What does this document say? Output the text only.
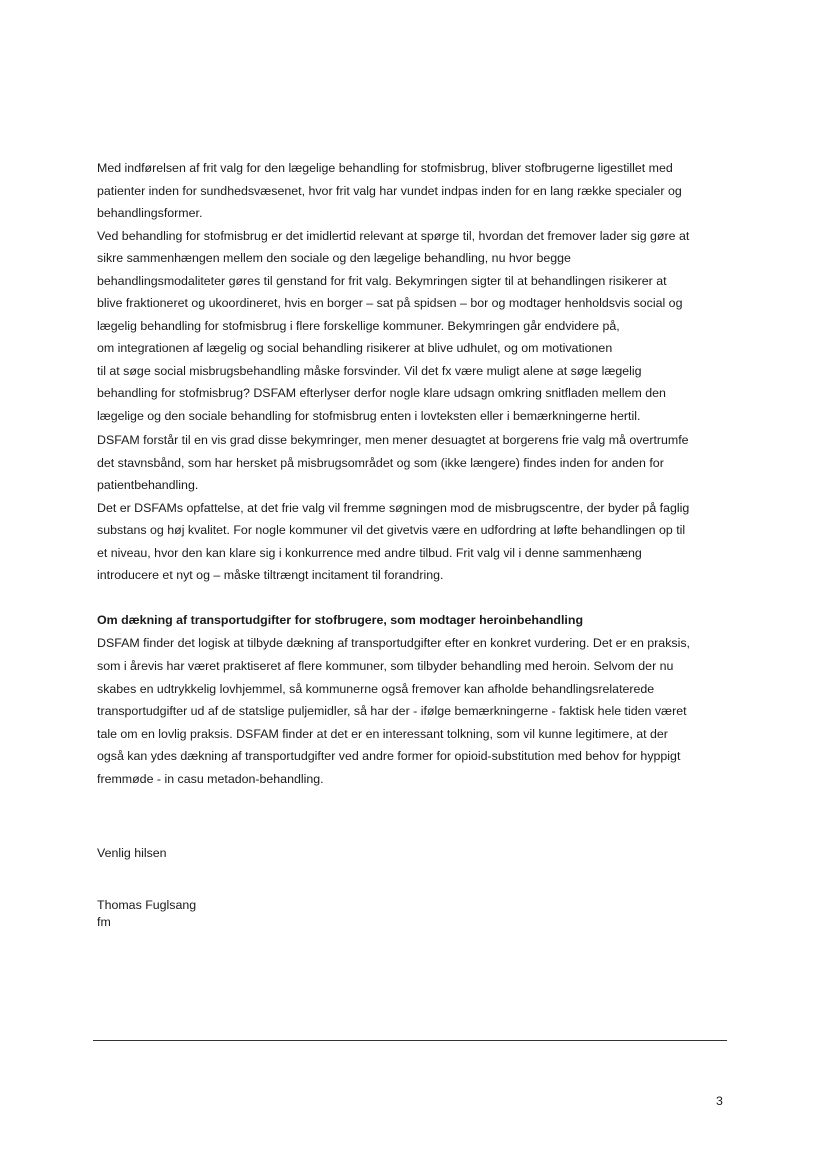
Med indførelsen af frit valg for den lægelige behandling for stofmisbrug, bliver stofbrugerne ligestillet med
patienter inden for sundhedsvæsenet, hvor frit valg har vundet indpas inden for en lang række specialer og
behandlingsformer.
Ved behandling for stofmisbrug er det imidlertid relevant at spørge til, hvordan det fremover lader sig gøre at
sikre sammenhængen mellem den sociale og den lægelige behandling, nu hvor begge
behandlingsmodaliteter gøres til genstand for frit valg. Bekymringen sigter til at behandlingen risikerer at
blive fraktioneret og ukoordineret, hvis en borger – sat på spidsen – bor og modtager henholdsvis social og
lægelig behandling for stofmisbrug i flere forskellige kommuner. Bekymringen går endvidere på,
om integrationen af lægelig og social behandling risikerer at blive udhulet, og om motivationen
til at søge social misbrugsbehandling måske forsvinder. Vil det fx være muligt alene at søge lægelig
behandling for stofmisbrug? DSFAM efterlyser derfor nogle klare udsagn omkring snitfladen mellem den
lægelige og den sociale behandling for stofmisbrug enten i lovteksten eller i bemærkningerne hertil.
DSFAM forstår til en vis grad disse bekymringer, men mener desuagtet at borgerens frie valg må overtrumfe
det stavnsbånd, som har hersket på misbrugsområdet og som (ikke længere) findes inden for anden for
patientbehandling.
Det er DSFAMs opfattelse, at det frie valg vil fremme søgningen mod de misbrugscentre, der byder på faglig
substans og høj kvalitet. For nogle kommuner vil det givetvis være en udfordring at løfte behandlingen op til
et niveau, hvor den kan klare sig i konkurrence med andre tilbud. Frit valg vil i denne sammenhæng
introducere et nyt og – måske tiltrængt incitament til forandring.
Om dækning af transportudgifter for stofbrugere, som modtager heroinbehandling
DSFAM finder det logisk at tilbyde dækning af transportudgifter efter en konkret vurdering. Det er en praksis,
som i årevis har været praktiseret af flere kommuner, som tilbyder behandling med heroin. Selvom der nu
skabes en udtrykkelig lovhjemmel, så kommunerne også fremover kan afholde behandlingsrelaterede
transportudgifter ud af de statslige puljemidler, så har der - ifølge bemærkningerne - faktisk hele tiden været
tale om en lovlig praksis. DSFAM finder at det er en interessant tolkning, som vil kunne legitimere, at der
også kan ydes dækning af transportudgifter ved andre former for opioid-substitution med behov for hyppigt
fremmøde - in casu metadon-behandling.
Venlig hilsen
Thomas Fuglsang
fm
3
